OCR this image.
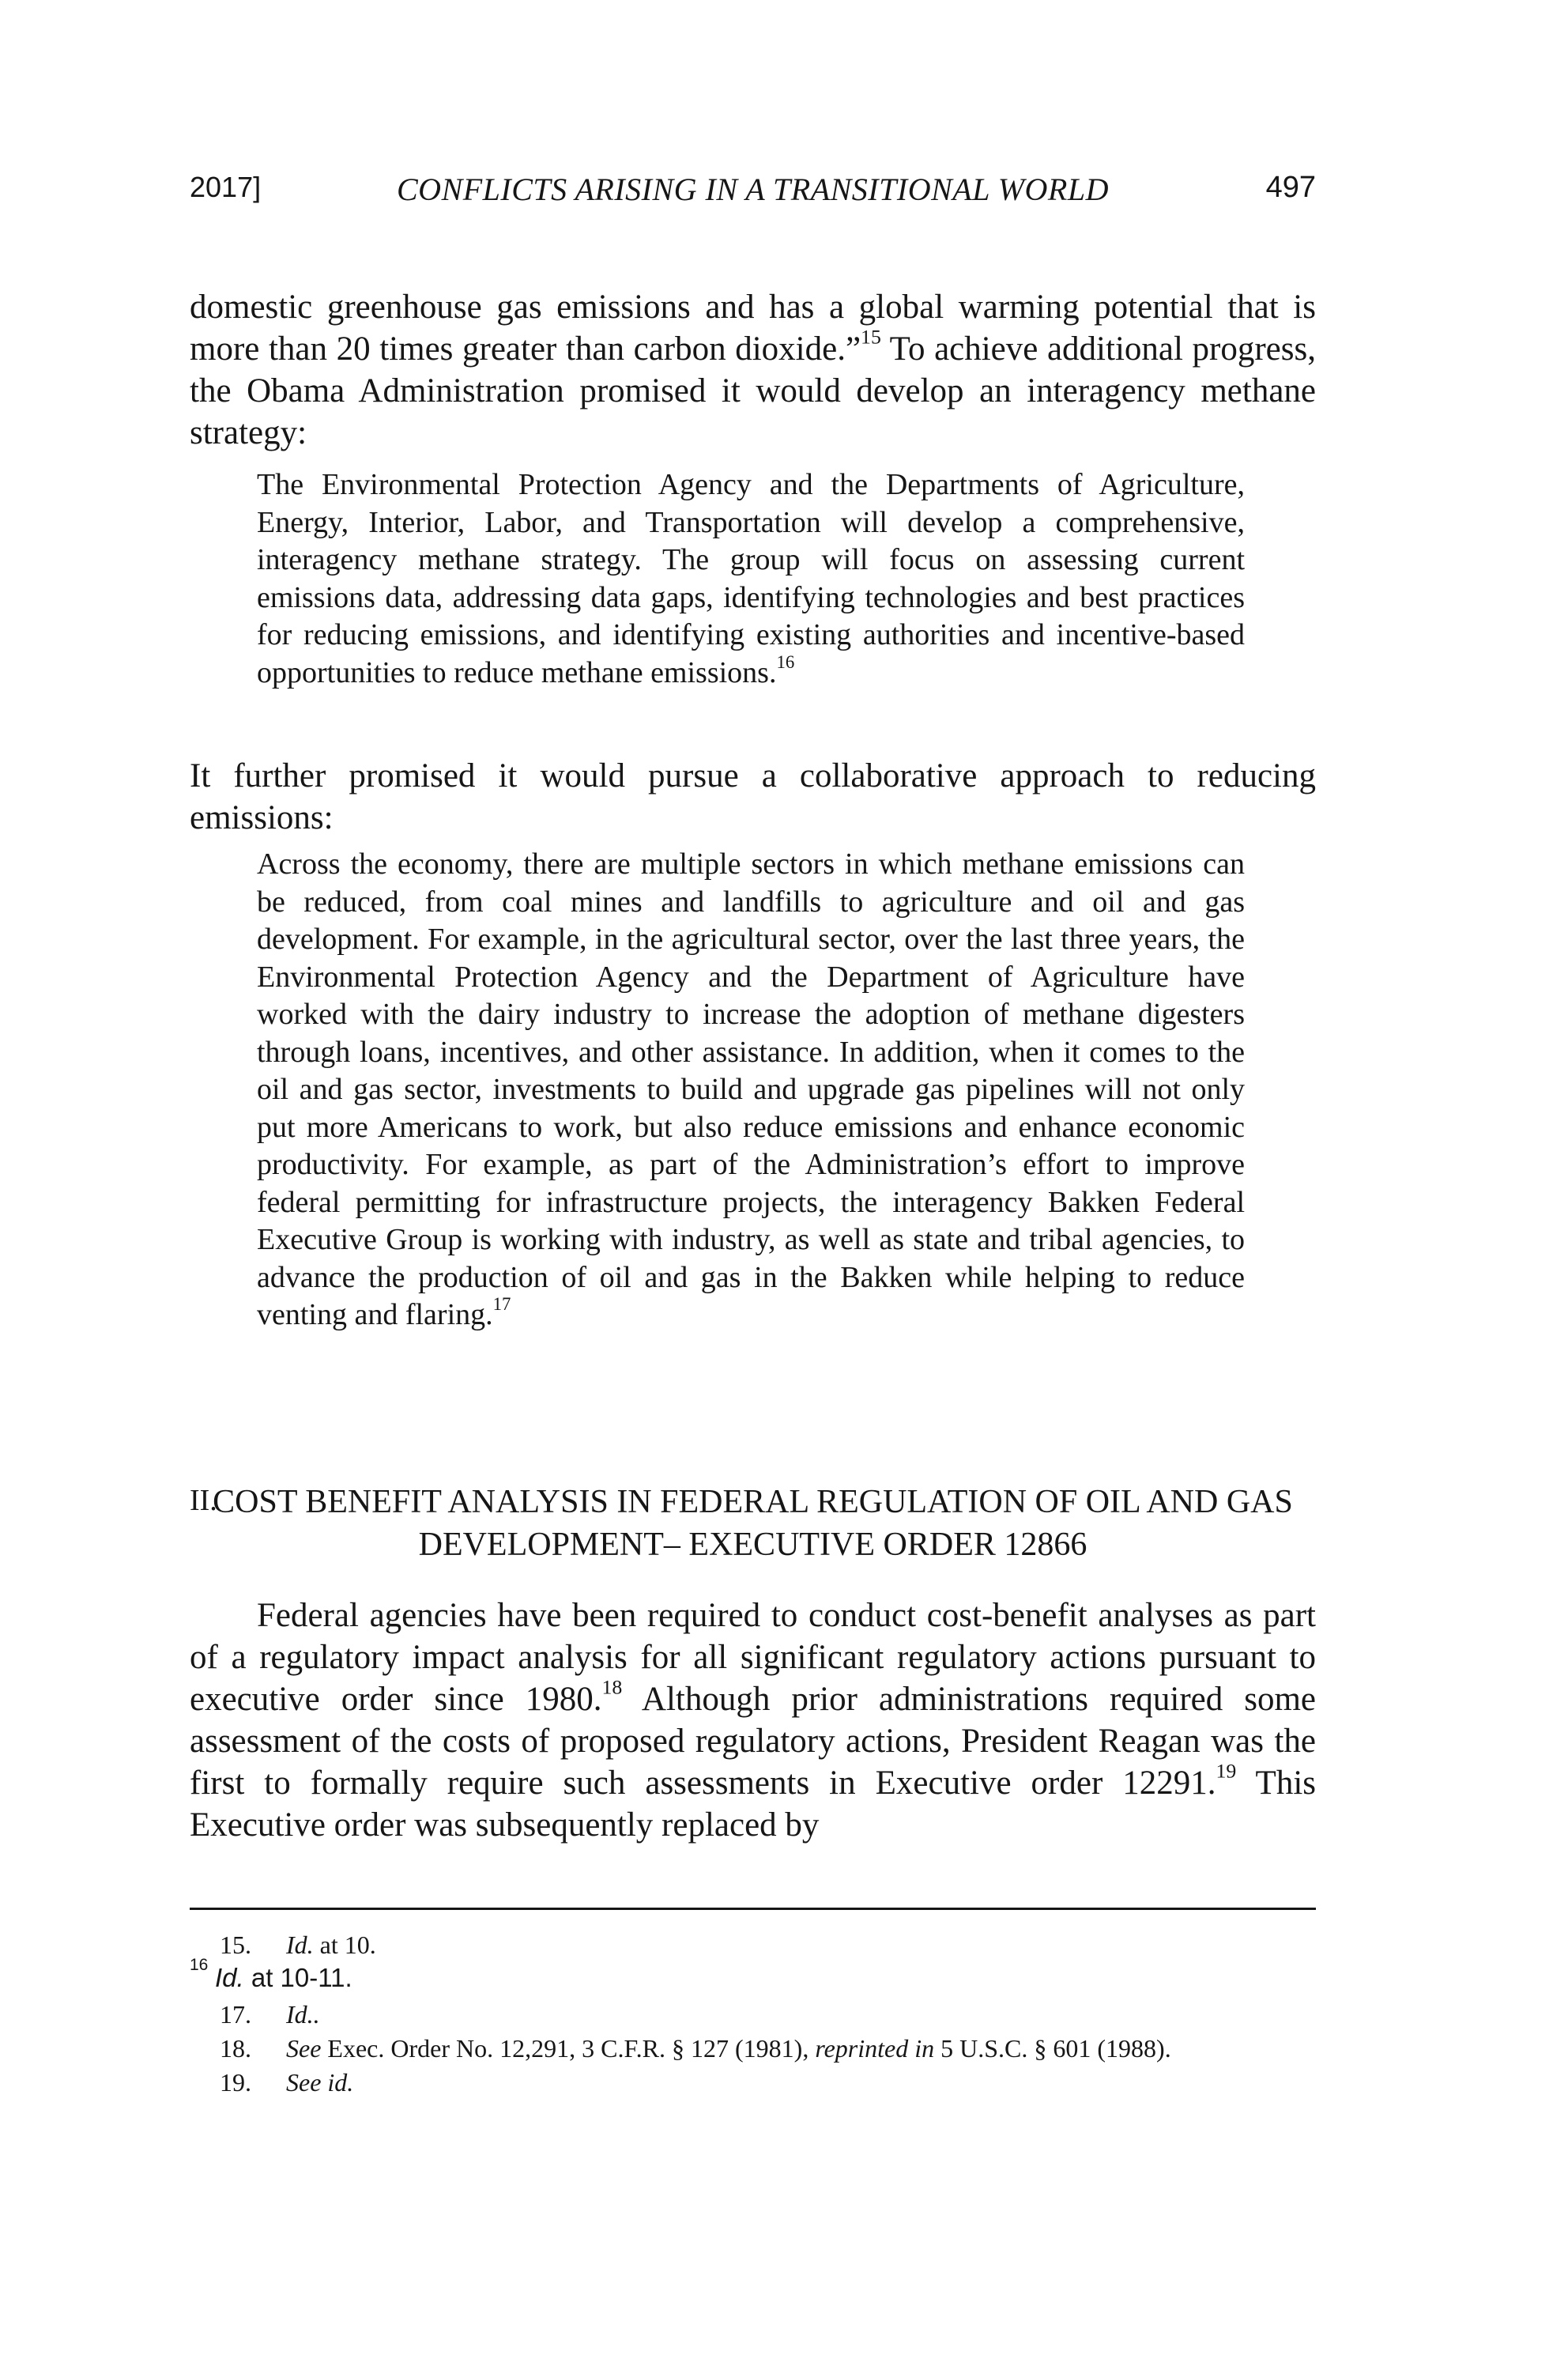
2017]	CONFLICTS ARISING IN A TRANSITIONAL WORLD	497

domestic greenhouse gas emissions and has a global warming potential that is more than 20 times greater than carbon dioxide.”$^{15}$ To achieve additional progress, the Obama Administration promised it would develop an interagency methane strategy:

The Environmental Protection Agency and the Departments of Agriculture, Energy, Interior, Labor, and Transportation will develop a comprehensive, interagency methane strategy. The group will focus on assessing current emissions data, addressing data gaps, identifying technologies and best practices for reducing emissions, and identifying existing authorities and incentive-based opportunities to reduce methane emissions.$^{16}$

It further promised it would pursue a collaborative approach to reducing emissions:

Across the economy, there are multiple sectors in which methane emissions can be reduced, from coal mines and landfills to agriculture and oil and gas development. For example, in the agricultural sector, over the last three years, the Environmental Protection Agency and the Department of Agriculture have worked with the dairy industry to increase the adoption of methane digesters through loans, incentives, and other assistance. In addition, when it comes to the oil and gas sector, investments to build and upgrade gas pipelines will not only put more Americans to work, but also reduce emissions and enhance economic productivity. For example, as part of the Administration’s effort to improve federal permitting for infrastructure projects, the interagency Bakken Federal Executive Group is working with industry, as well as state and tribal agencies, to advance the production of oil and gas in the Bakken while helping to reduce venting and flaring.$^{17}$

II.
COST BENEFIT ANALYSIS IN FEDERAL REGULATION OF OIL AND GAS
DEVELOPMENT– EXECUTIVE ORDER 12866

Federal agencies have been required to conduct cost-benefit analyses as part of a regulatory impact analysis for all significant regulatory actions pursuant to executive order since 1980.18 Although prior administrations required some assessment of the costs of proposed regulatory actions, President Reagan was the first to formally require such assessments in Executive order 12291.19 This Executive order was subsequently replaced by

15. Id. at 10.
16 Id. at 10-11.
17. Id..
18. See Exec. Order No. 12,291, 3 C.F.R. § 127 (1981), reprinted in 5 U.S.C. § 601 (1988).
19. See id.
